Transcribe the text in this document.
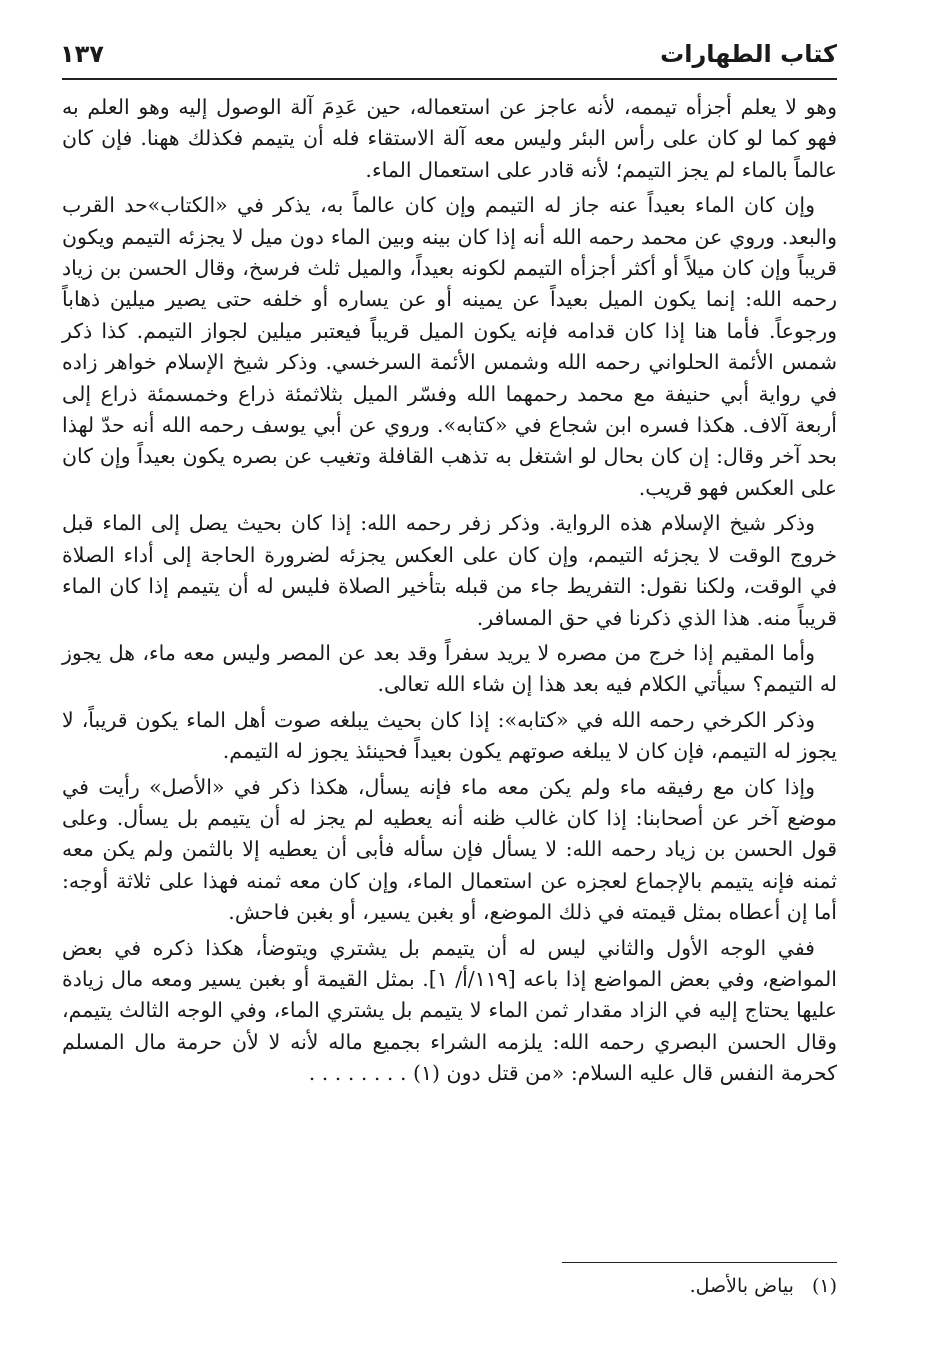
كتاب الطهارات
١٣٧

وهو لا يعلم أجزأه تيممه، لأنه عاجز عن استعماله، حين عَدِمَ آلة الوصول إليه وهو العلم به فهو كما لو كان على رأس البئر وليس معه آلة الاستقاء فله أن يتيمم فكذلك ههنا. فإن كان عالماً بالماء لم يجز التيمم؛ لأنه قادر على استعمال الماء.

وإن كان الماء بعيداً عنه جاز له التيمم وإن كان عالماً به، يذكر في «الكتاب»حد القرب والبعد. وروي عن محمد رحمه الله أنه إذا كان بينه وبين الماء دون ميل لا يجزئه التيمم ويكون قريباً وإن كان ميلاً أو أكثر أجزأه التيمم لكونه بعيداً، والميل ثلث فرسخ، وقال الحسن بن زياد رحمه الله: إنما يكون الميل بعيداً عن يمينه أو عن يساره أو خلفه حتى يصير ميلين ذهاباً ورجوعاً. فأما هنا إذا كان قدامه فإنه يكون الميل قريباً فيعتبر ميلين لجواز التيمم. كذا ذكر شمس الأئمة الحلواني رحمه الله وشمس الأئمة السرخسي. وذكر شيخ الإسلام خواهر زاده في رواية أبي حنيفة مع محمد رحمهما الله وفسّر الميل بثلاثمئة ذراع وخمسمئة ذراع إلى أربعة آلاف. هكذا فسره ابن شجاع في «كتابه». وروي عن أبي يوسف رحمه الله أنه حدّ لهذا بحد آخر وقال: إن كان بحال لو اشتغل به تذهب القافلة وتغيب عن بصره يكون بعيداً وإن كان على العكس فهو قريب.

وذكر شيخ الإسلام هذه الرواية. وذكر زفر رحمه الله: إذا كان بحيث يصل إلى الماء قبل خروج الوقت لا يجزئه التيمم، وإن كان على العكس يجزئه لضرورة الحاجة إلى أداء الصلاة في الوقت، ولكنا نقول: التفريط جاء من قبله بتأخير الصلاة فليس له أن يتيمم إذا كان الماء قريباً منه. هذا الذي ذكرنا في حق المسافر.

وأما المقيم إذا خرج من مصره لا يريد سفراً وقد بعد عن المصر وليس معه ماء، هل يجوز له التيمم؟ سيأتي الكلام فيه بعد هذا إن شاء الله تعالى.

وذكر الكرخي رحمه الله في «كتابه»: إذا كان بحيث يبلغه صوت أهل الماء يكون قريباً، لا يجوز له التيمم، فإن كان لا يبلغه صوتهم يكون بعيداً فحينئذ يجوز له التيمم.

وإذا كان مع رفيقه ماء ولم يكن معه ماء فإنه يسأل، هكذا ذكر في «الأصل» رأيت في موضع آخر عن أصحابنا: إذا كان غالب ظنه أنه يعطيه لم يجز له أن يتيمم بل يسأل. وعلى قول الحسن بن زياد رحمه الله: لا يسأل فإن سأله فأبى أن يعطيه إلا بالثمن ولم يكن معه ثمنه فإنه يتيمم بالإجماع لعجزه عن استعمال الماء، وإن كان معه ثمنه فهذا على ثلاثة أوجه: أما إن أعطاه بمثل قيمته في ذلك الموضع، أو بغبن يسير، أو بغبن فاحش.

ففي الوجه الأول والثاني ليس له أن يتيمم بل يشتري ويتوضأ، هكذا ذكره في بعض المواضع، وفي بعض المواضع إذا باعه [١١٩/أ/ ١]. بمثل القيمة أو بغبن يسير ومعه مال زيادة عليها يحتاج إليه في الزاد مقدار ثمن الماء لا يتيمم بل يشتري الماء، وفي الوجه الثالث يتيمم، وقال الحسن البصري رحمه الله: يلزمه الشراء بجميع ماله لأنه لا لأن حرمة مال المسلم كحرمة النفس قال عليه السلام: «من قتل دون (١) . . . . . . . .

(١) بياض بالأصل.
